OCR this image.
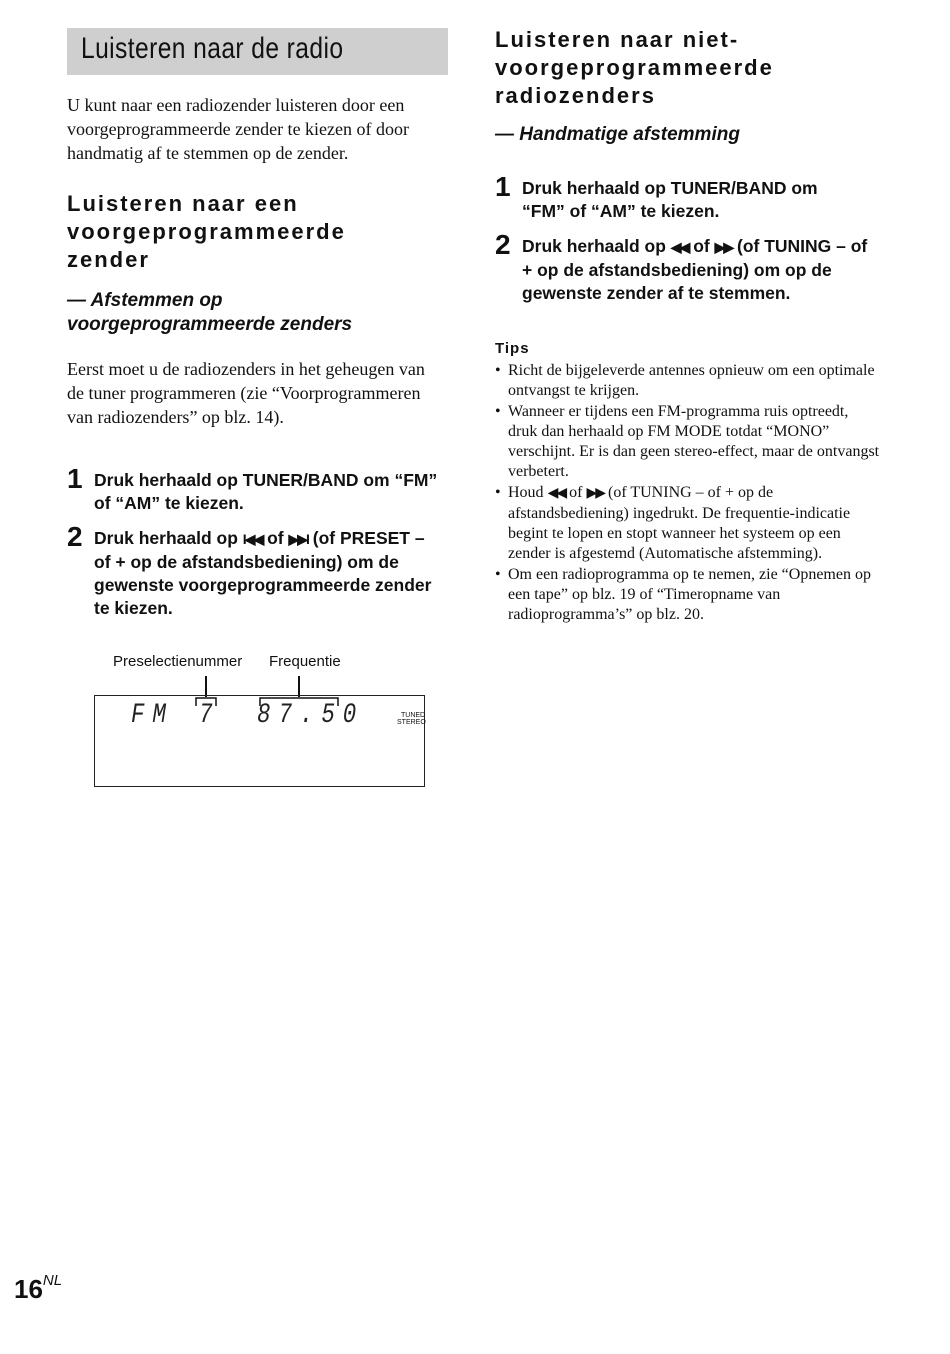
Luisteren naar de radio
U kunt naar een radiozender luisteren door een voorgeprogrammeerde zender te kiezen of door handmatig af te stemmen op de zender.
Luisteren naar een voorgeprogrammeerde zender
— Afstemmen op voorgeprogrammeerde zenders
Eerst moet u de radiozenders in het geheugen van de tuner programmeren (zie “Voorprogrammeren van radiozenders” op blz. 14).
1 Druk herhaald op TUNER/BAND om “FM” of “AM” te kiezen.
2 Druk herhaald op I◀◀ of ▶▶I (of PRESET – of + op de afstandsbediening) om de gewenste voorgeprogrammeerde zender te kiezen.
Preselectienummer Frequentie
FM 7 87.50	TUNED
STEREO
Luisteren naar niet-voorgeprogrammeerde radiozenders
— Handmatige afstemming
1 Druk herhaald op TUNER/BAND om “FM” of “AM” te kiezen.
2 Druk herhaald op ◀◀ of ▶▶ (of TUNING – of + op de afstandsbediening) om op de gewenste zender af te stemmen.
Tips
• Richt de bijgeleverde antennes opnieuw om een optimale ontvangst te krijgen.
• Wanneer er tijdens een FM-programma ruis optreedt, druk dan herhaald op FM MODE totdat “MONO” verschijnt. Er is dan geen stereo-effect, maar de ontvangst verbetert.
• Houd ◀◀ of ▶▶ (of TUNING – of + op de afstandsbediening) ingedrukt. De frequentie-indicatie begint te lopen en stopt wanneer het systeem op een zender is afgestemd (Automatische afstemming).
• Om een radioprogramma op te nemen, zie “Opnemen op een tape” op blz. 19 of “Timeropname van radioprogramma’s” op blz. 20.
$16^{NL}$
